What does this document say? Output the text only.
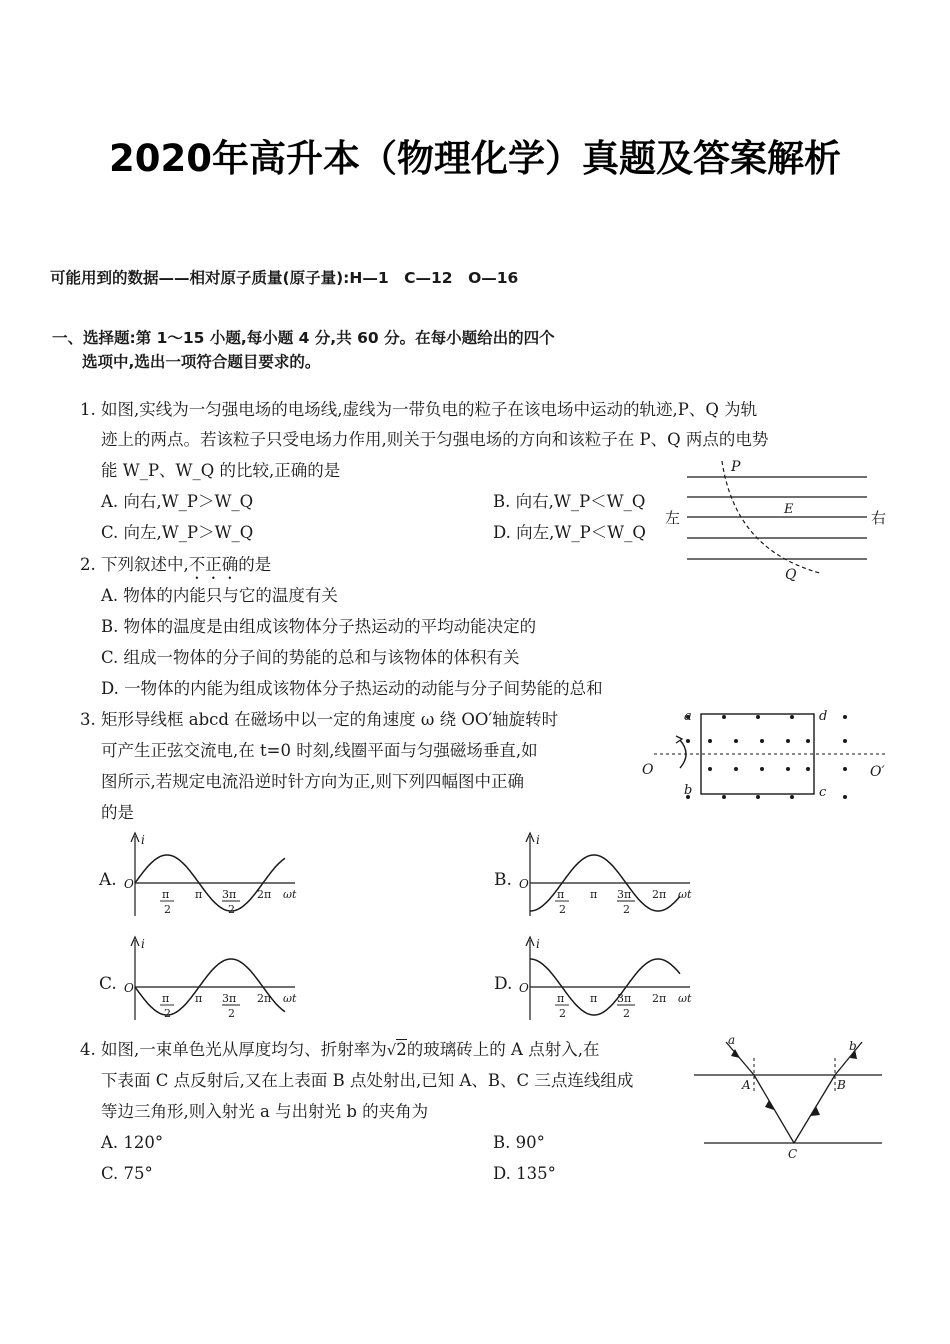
2020年高升本（物理化学）真题及答案解析
可能用到的数据——相对原子质量(原子量):H—1　C—12　O—16
一、选择题:第 1～15 小题,每小题 4 分,共 60 分。在每小题给出的四个
选项中,选出一项符合题目要求的。
1. 如图,实线为一匀强电场的电场线,虚线为一带负电的粒子在该电场中运动的轨迹,P、Q 为轨
迹上的两点。若该粒子只受电场力作用,则关于匀强电场的方向和该粒子在 P、Q 两点的电势
能 W_P、W_Q 的比较,正确的是
A. 向右,W_P＞W_Q	B. 向右,W_P＜W_Q
C. 向左,W_P＞W_Q	D. 向左,W_P＜W_Q
P
E
Q
左	右
2. 下列叙述中,不正确的是
A. 物体的内能只与它的温度有关
B. 物体的温度是由组成该物体分子热运动的平均动能决定的
C. 组成一物体的分子间的势能的总和与该物体的体积有关
D. 一物体的内能为组成该物体分子热运动的动能与分子间势能的总和
3. 矩形导线框 abcd 在磁场中以一定的角速度 ω 绕 OO′轴旋转时
可产生正弦交流电,在 t=0 时刻,线圈平面与匀强磁场垂直,如
图所示,若规定电流沿逆时针方向为正,则下列四幅图中正确
的是
a	d
b	c
O	O′
A.
i
O
π
2
π 3π
2
2π ωt
B.
i
O
π
2
π 3π
2
2π ωt
C.
i
O
π
2
π 3π
2
2π ωt
D.
i
O
π
2
π 3π
2
2π ωt
4. 如图,一束单色光从厚度均匀、折射率为√2的玻璃砖上的 A 点射入,在
下表面 C 点反射后,又在上表面 B 点处射出,已知 A、B、C 三点连线组成
等边三角形,则入射光 a 与出射光 b 的夹角为
A. 120°	B. 90°
C. 75°	D. 135°
a	b
A	B
C
